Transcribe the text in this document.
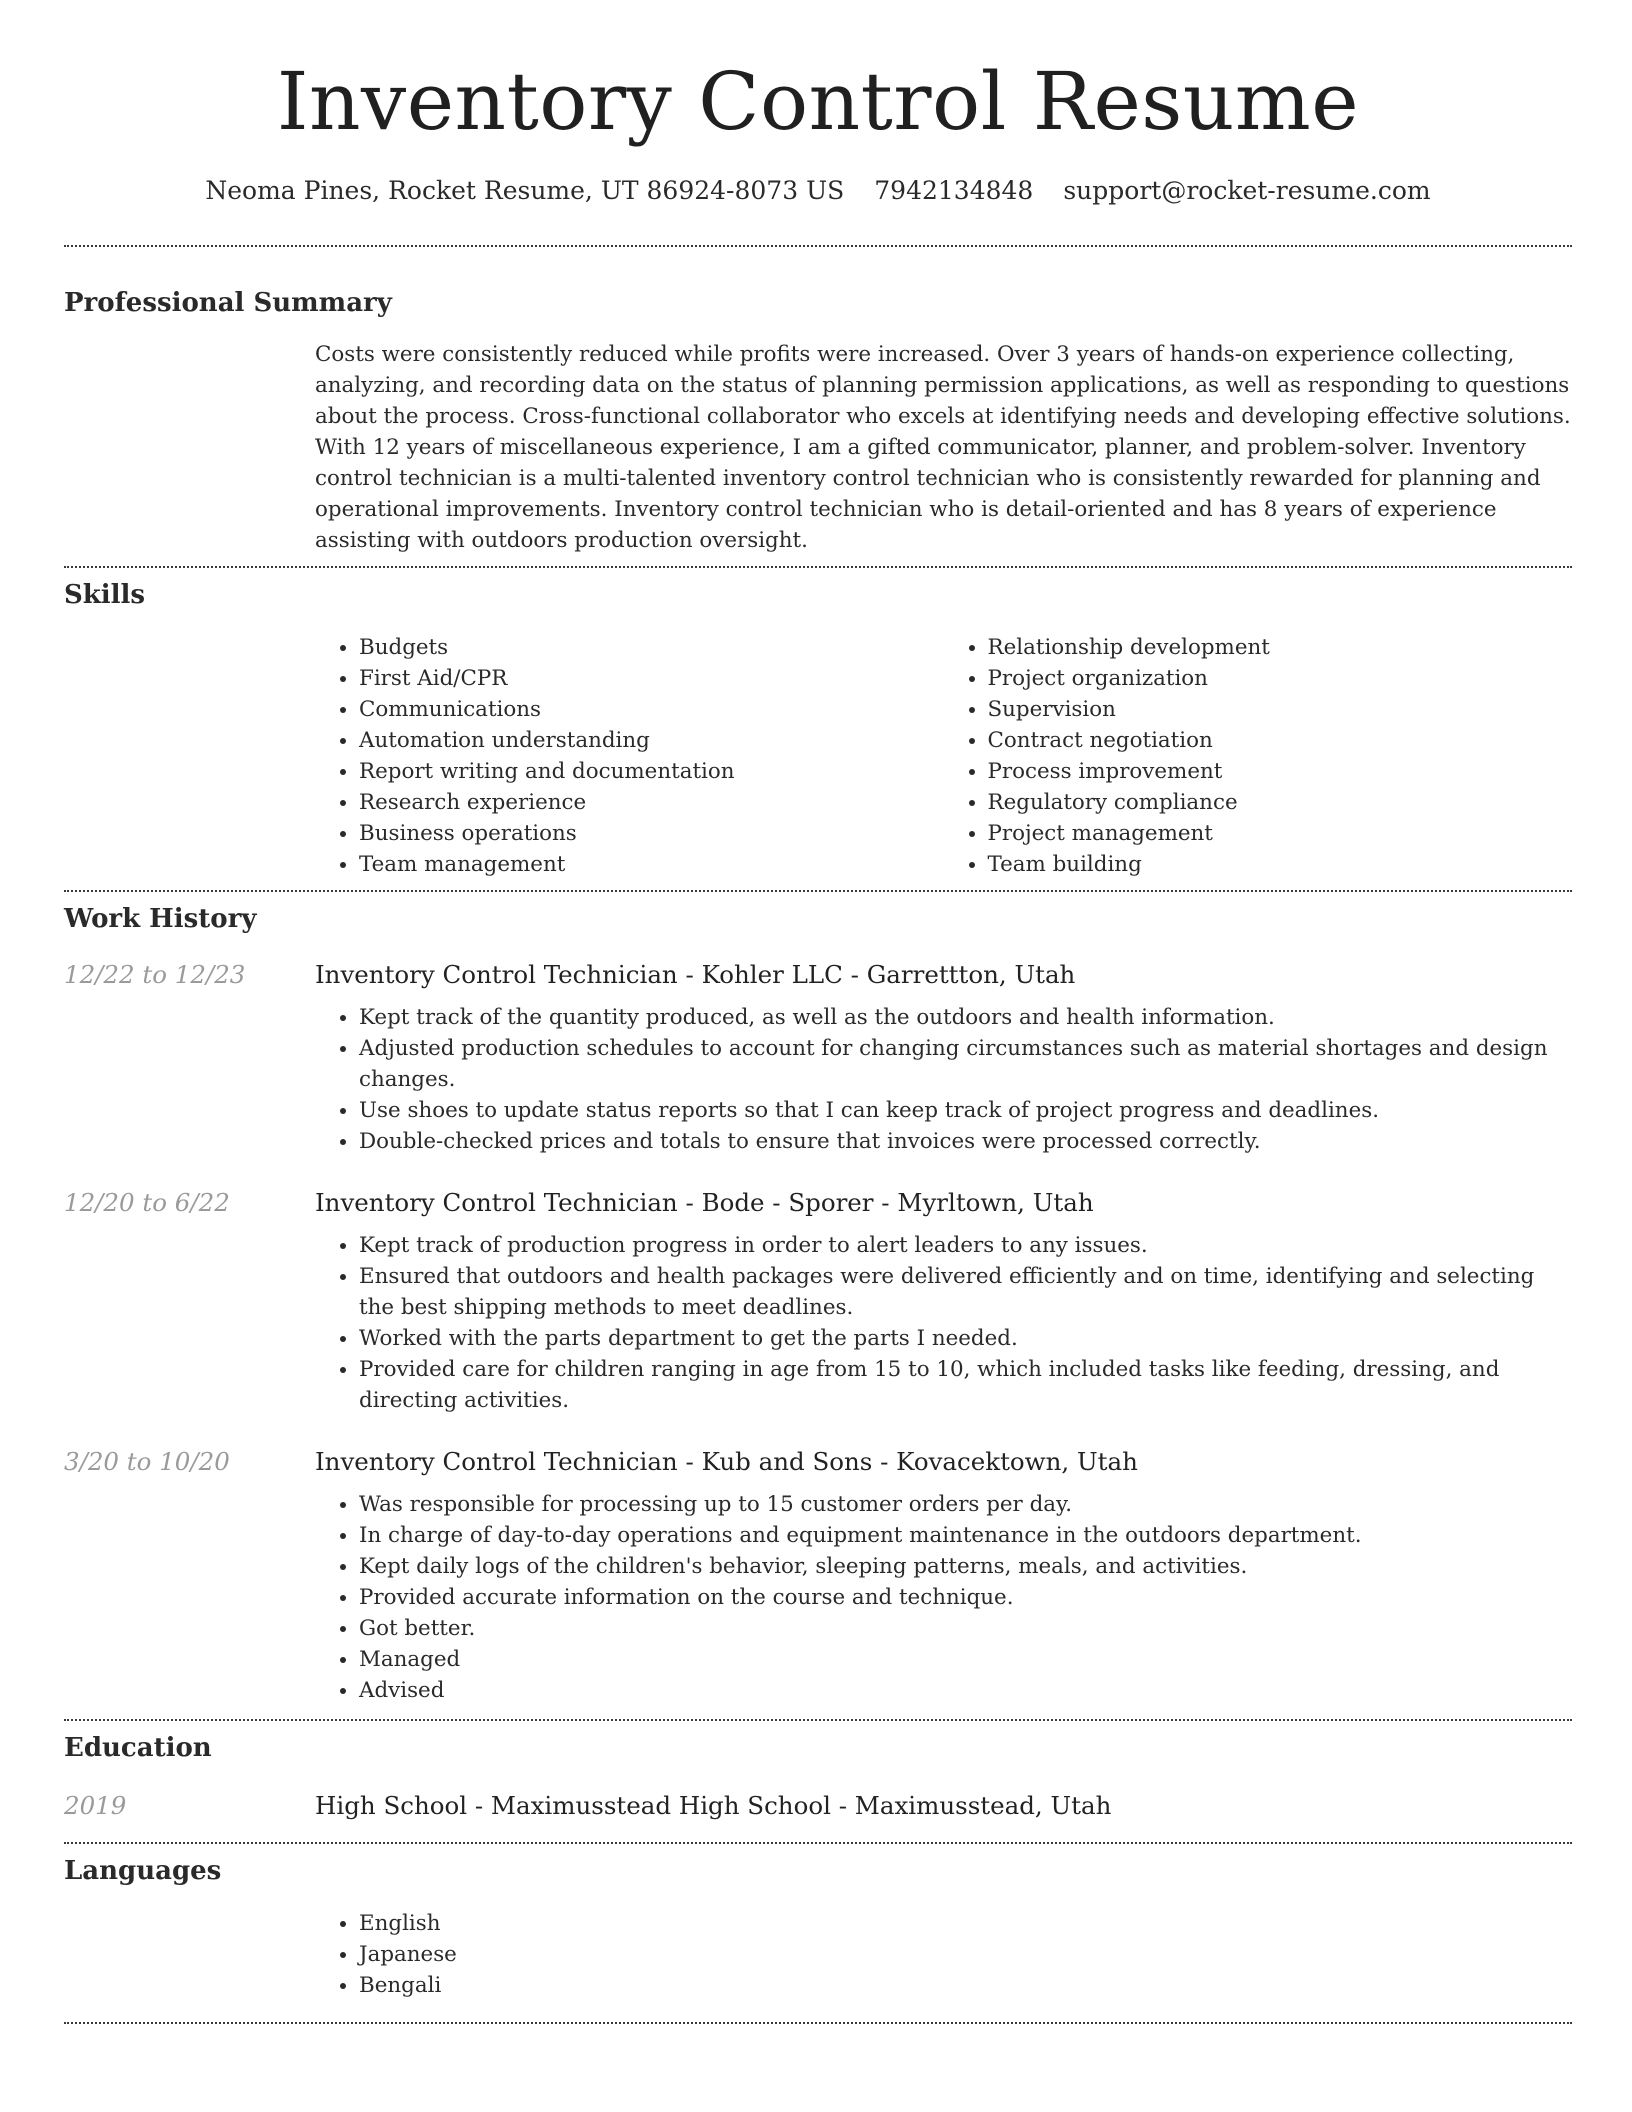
Inventory Control Resume
Neoma Pines, Rocket Resume, UT 86924-8073 US 7942134848 support@rocket-resume.com
Professional Summary
Costs were consistently reduced while profits were increased. Over 3 years of hands-on experience collecting, analyzing, and recording data on the status of planning permission applications, as well as responding to questions about the process. Cross-functional collaborator who excels at identifying needs and developing effective solutions. With 12 years of miscellaneous experience, I am a gifted communicator, planner, and problem-solver. Inventory control technician is a multi-talented inventory control technician who is consistently rewarded for planning and operational improvements. Inventory control technician who is detail-oriented and has 8 years of experience assisting with outdoors production oversight.
Skills
• Budgets
• First Aid/CPR
• Communications
• Automation understanding
• Report writing and documentation
• Research experience
• Business operations
• Team management
• Relationship development
• Project organization
• Supervision
• Contract negotiation
• Process improvement
• Regulatory compliance
• Project management
• Team building
Work History
12/22 to 12/23	Inventory Control Technician - Kohler LLC - Garrettton, Utah
• Kept track of the quantity produced, as well as the outdoors and health information.
• Adjusted production schedules to account for changing circumstances such as material shortages and design changes.
• Use shoes to update status reports so that I can keep track of project progress and deadlines.
• Double-checked prices and totals to ensure that invoices were processed correctly.
12/20 to 6/22	Inventory Control Technician - Bode - Sporer - Myrltown, Utah
• Kept track of production progress in order to alert leaders to any issues.
• Ensured that outdoors and health packages were delivered efficiently and on time, identifying and selecting the best shipping methods to meet deadlines.
• Worked with the parts department to get the parts I needed.
• Provided care for children ranging in age from 15 to 10, which included tasks like feeding, dressing, and directing activities.
3/20 to 10/20	Inventory Control Technician - Kub and Sons - Kovacektown, Utah
• Was responsible for processing up to 15 customer orders per day.
• In charge of day-to-day operations and equipment maintenance in the outdoors department.
• Kept daily logs of the children's behavior, sleeping patterns, meals, and activities.
• Provided accurate information on the course and technique.
• Got better.
• Managed
• Advised
Education
2019	High School - Maximusstead High School - Maximusstead, Utah
Languages
• English
• Japanese
• Bengali
